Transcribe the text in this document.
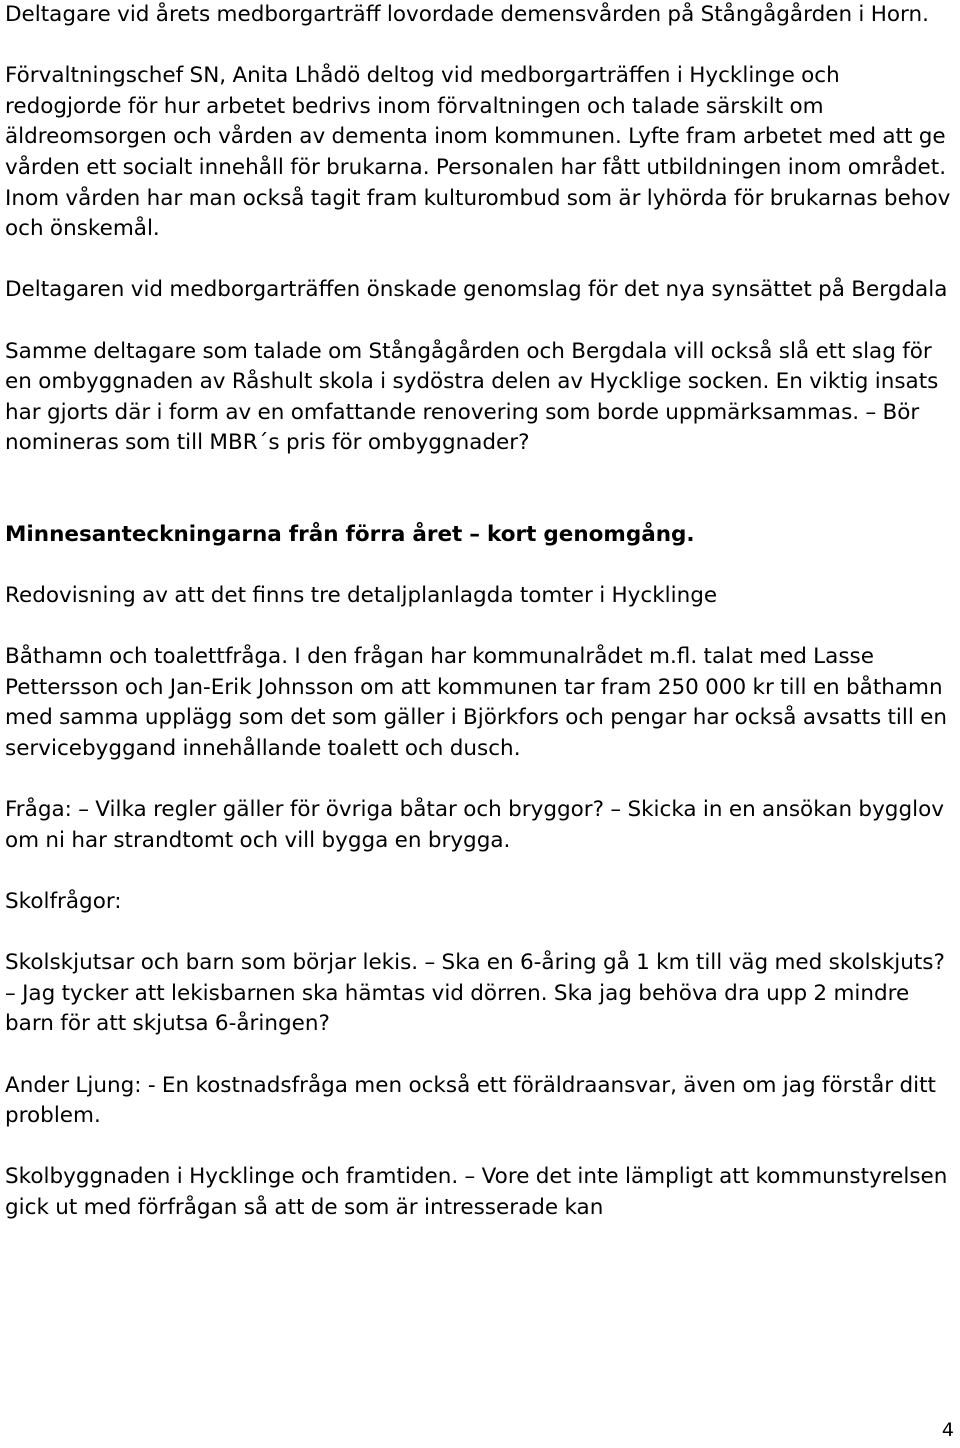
Deltagare vid årets medborgarträff lovordade demensvården på Stångågården i Horn.

Förvaltningschef SN, Anita Lhådö deltog vid medborgarträffen i Hycklinge och redogjorde för hur arbetet bedrivs inom förvaltningen och talade särskilt om äldreomsorgen och vården av dementa inom kommunen. Lyfte fram arbetet med att ge vården ett socialt innehåll för brukarna. Personalen har fått utbildningen inom området. Inom vården har man också tagit fram kulturombud som är lyhörda för brukarnas behov och önskemål.

Deltagaren vid medborgarträffen önskade genomslag för det nya synsättet på Bergdala

Samme deltagare som talade om Stångågården och Bergdala vill också slå ett slag för en ombyggnaden av Råshult skola i sydöstra delen av Hycklige socken. En viktig insats har gjorts där i form av en omfattande renovering som borde uppmärksammas. – Bör nomineras som till MBR´s pris för ombyggnader?

Minnesanteckningarna från förra året – kort genomgång.

Redovisning av att det finns tre detaljplanlagda tomter i Hycklinge

Båthamn och toalettfråga. I den frågan har kommunalrådet m.fl. talat med Lasse Pettersson och Jan-Erik Johnsson om att kommunen tar fram 250 000 kr till en båthamn med samma upplägg som det som gäller i Björkfors och pengar har också avsatts till en servicebyggand innehållande toalett och dusch.

Fråga: – Vilka regler gäller för övriga båtar och bryggor? – Skicka in en ansökan bygglov om ni har strandtomt och vill bygga en brygga.

Skolfrågor:

Skolskjutsar och barn som börjar lekis. – Ska en 6-åring gå 1 km till väg med skolskjuts? – Jag tycker att lekisbarnen ska hämtas vid dörren. Ska jag behöva dra upp 2 mindre barn för att skjutsa 6-åringen?

Ander Ljung: - En kostnadsfråga men också ett föräldraansvar, även om jag förstår ditt problem.

Skolbyggnaden i Hycklinge och framtiden. – Vore det inte lämpligt att kommunstyrelsen gick ut med förfrågan så att de som är intresserade kan

4
